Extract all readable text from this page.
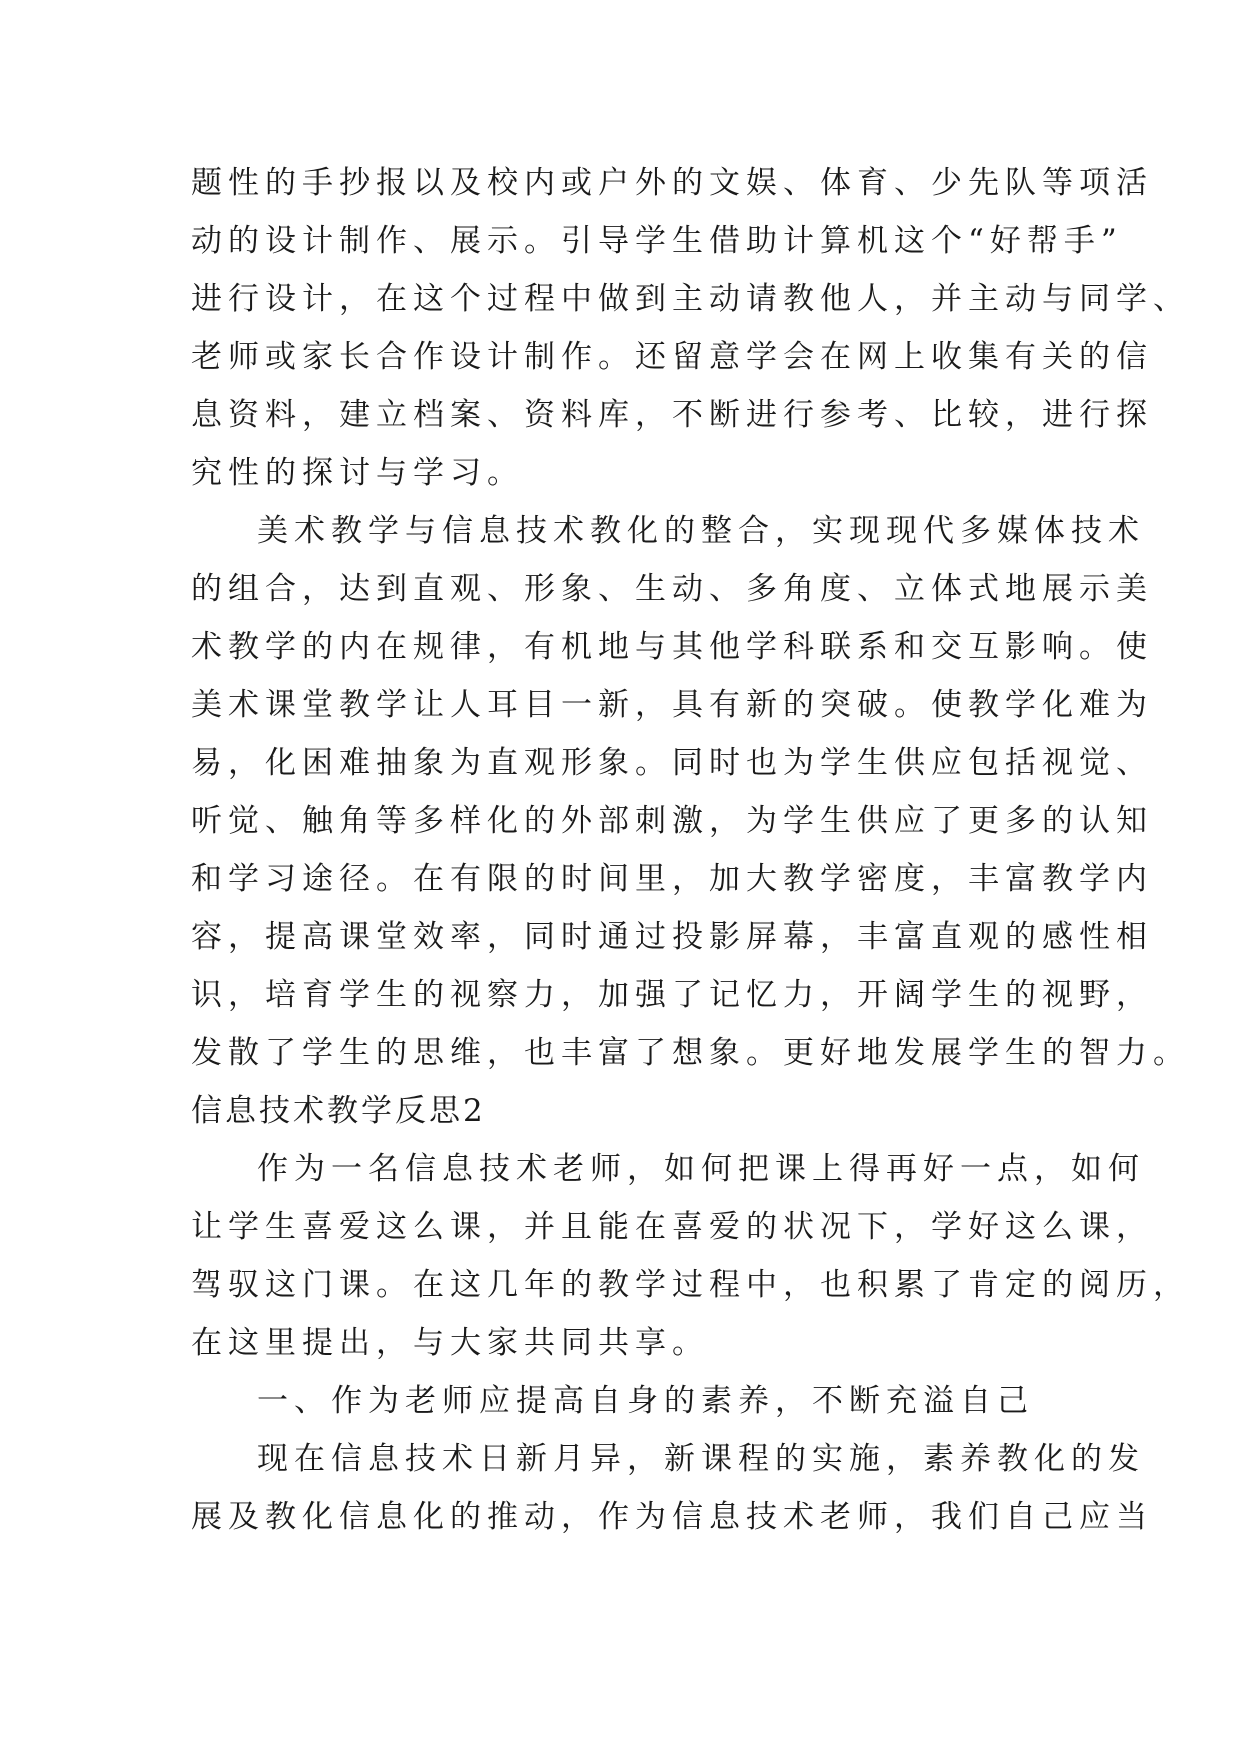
题性的手抄报以及校内或户外的文娱、体育、少先队等项活
动的设计制作、展示。引导学生借助计算机这个“好帮手”
进行设计，在这个过程中做到主动请教他人，并主动与同学、
老师或家长合作设计制作。还留意学会在网上收集有关的信
息资料，建立档案、资料库，不断进行参考、比较，进行探
究性的探讨与学习。
美术教学与信息技术教化的整合，实现现代多媒体技术
的组合，达到直观、形象、生动、多角度、立体式地展示美
术教学的内在规律，有机地与其他学科联系和交互影响。使
美术课堂教学让人耳目一新，具有新的突破。使教学化难为
易，化困难抽象为直观形象。同时也为学生供应包括视觉、
听觉、触角等多样化的外部刺激，为学生供应了更多的认知
和学习途径。在有限的时间里，加大教学密度，丰富教学内
容，提高课堂效率，同时通过投影屏幕，丰富直观的感性相
识，培育学生的视察力，加强了记忆力，开阔学生的视野，
发散了学生的思维，也丰富了想象。更好地发展学生的智力。
信息技术教学反思2
作为一名信息技术老师，如何把课上得再好一点，如何
让学生喜爱这么课，并且能在喜爱的状况下，学好这么课，
驾驭这门课。在这几年的教学过程中，也积累了肯定的阅历，
在这里提出，与大家共同共享。
一、作为老师应提高自身的素养，不断充溢自己
现在信息技术日新月异，新课程的实施，素养教化的发
展及教化信息化的推动，作为信息技术老师，我们自己应当
